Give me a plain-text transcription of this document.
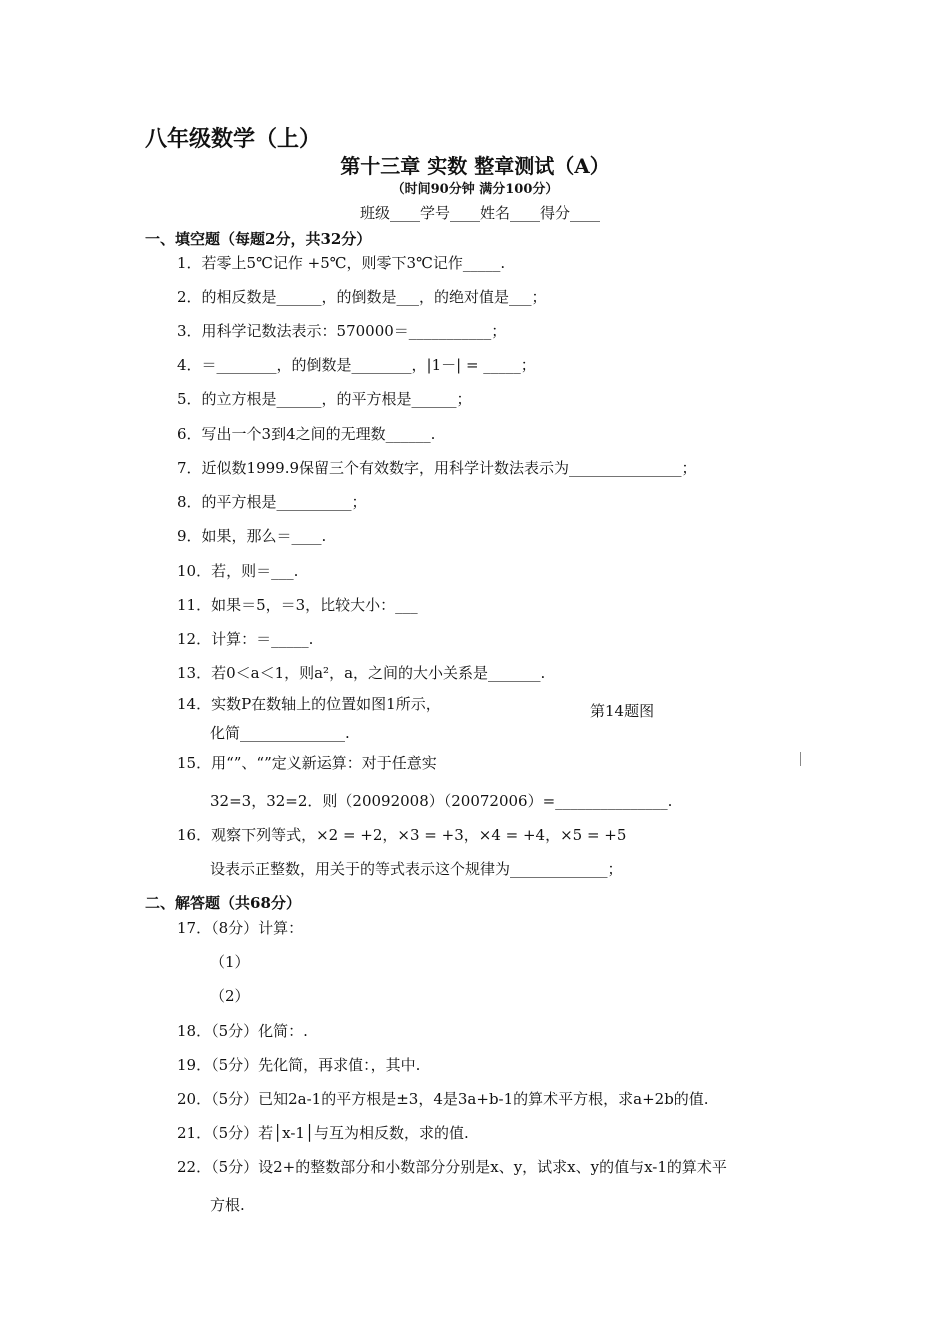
八年级数学（上）
第十三章 实数 整章测试（A）
（时间90分钟 满分100分）
班级____学号____姓名____得分____
一、填空题（每题2分，共32分）
1．若零上5℃记作 +5℃，则零下3℃记作_____.
2．的相反数是______，的倒数是___，的绝对值是___；
3．用科学记数法表示：570000＝___________；
4．＝________，的倒数是________，|1－| = _____；
5．的立方根是______，的平方根是______；
6．写出一个3到4之间的无理数______.
7．近似数1999.9保留三个有效数字，用科学计数法表示为_______________；
8．的平方根是__________；
9．如果，那么＝____.
10．若，则＝___.
11．如果＝5，＝3，比较大小：___
12．计算：＝_____.
13．若0＜a＜1，则a²，a，之间的大小关系是_______.
14．实数P在数轴上的位置如图1所示，
化简______________.
第14题图
15．用“”、“”定义新运算：对于任意实
32=3，32=2．则（20092008）（20072006）=_______________.
16．观察下列等式，×2 = +2，×3 = +3，×4 = +4，×5 = +5
设表示正整数，用关于的等式表示这个规律为_____________；
二、解答题（共68分）
17．（8分）计算：
（1）
（2）
18．（5分）化简：.
19．（5分）先化简，再求值：，其中.
20．（5分）已知2a-1的平方根是±3，4是3a+b-1的算术平方根，求a+2b的值.
21．（5分）若│x-1│与互为相反数，求的值.
22．（5分）设2+的整数部分和小数部分分别是x、y，试求x、y的值与x-1的算术平
方根.
